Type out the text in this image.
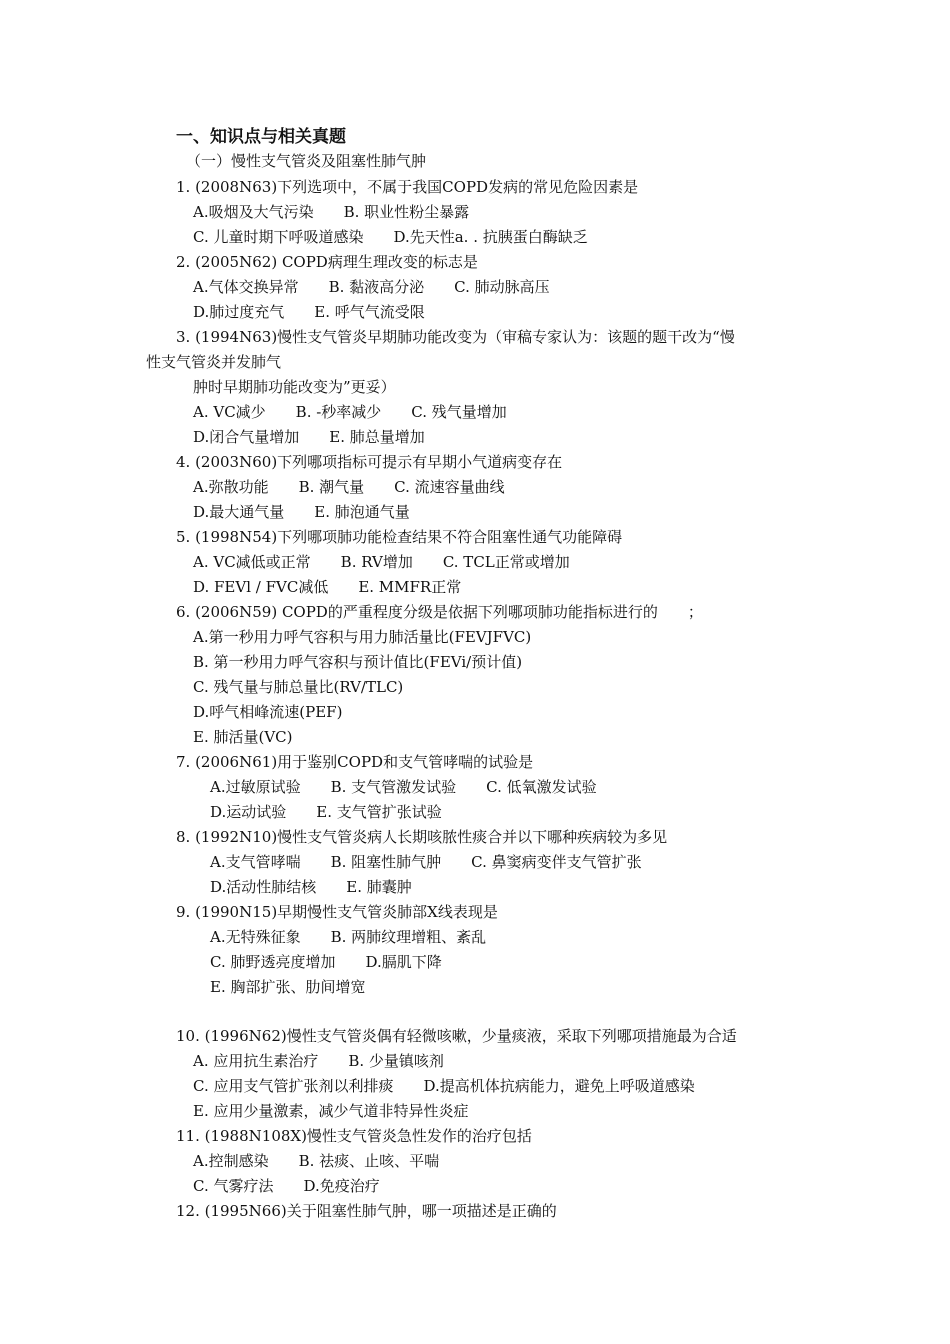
一、知识点与相关真题
（一）慢性支气管炎及阻塞性肺气肿
1. (2008N63)下列选项中，不属于我国COPD发病的常见危险因素是
A.吸烟及大气污染　　B. 职业性粉尘暴露
C. 儿童时期下呼吸道感染　　D.先天性a. . 抗胰蛋白酶缺乏
2. (2005N62) COPD病理生理改变的标志是
A.气体交换异常　　B. 黏液高分泌　　C. 肺动脉高压
D.肺过度充气　　E. 呼气气流受限
3. (1994N63)慢性支气管炎早期肺功能改变为（审稿专家认为：该题的题干改为“慢
性支气管炎并发肺气
肿时早期肺功能改变为”更妥）
A. VC减少　　B. -秒率减少　　C. 残气量增加
D.闭合气量增加　　E. 肺总量增加
4. (2003N60)下列哪项指标可提示有早期小气道病变存在
A.弥散功能　　B. 潮气量　　C. 流速容量曲线
D.最大通气量　　E. 肺泡通气量
5. (1998N54)下列哪项肺功能检查结果不符合阻塞性通气功能障碍
A. VC减低或正常　　B. RV增加　　C. TCL正常或增加
D. FEVl / FVC减低　　E. MMFR正常
6. (2006N59) COPD的严重程度分级是依据下列哪项肺功能指标进行的　　；
A.第一秒用力呼气容积与用力肺活量比(FEVJFVC)
B. 第一秒用力呼气容积与预计值比(FEVi/预计值)
C. 残气量与肺总量比(RV/TLC)
D.呼气相峰流速(PEF)
E. 肺活量(VC)
7. (2006N61)用于鉴别COPD和支气管哮喘的试验是
A.过敏原试验　　B. 支气管激发试验　　C. 低氧激发试验
D.运动试验　　E. 支气管扩张试验
8. (1992N10)慢性支气管炎病人长期咳脓性痰合并以下哪种疾病较为多见
A.支气管哮喘　　B. 阻塞性肺气肿　　C. 鼻窦病变伴支气管扩张
D.活动性肺结核　　E. 肺囊肿
9. (1990N15)早期慢性支气管炎肺部X线表现是
A.无特殊征象　　B. 两肺纹理增粗、紊乱
C. 肺野透亮度增加　　D.膈肌下降
E. 胸部扩张、肋间增宽
10. (1996N62)慢性支气管炎偶有轻微咳嗽，少量痰液，采取下列哪项措施最为合适
A. 应用抗生素治疗　　B. 少量镇咳剂
C. 应用支气管扩张剂以利排痰　　D.提高机体抗病能力，避免上呼吸道感染
E. 应用少量激素，减少气道非特异性炎症
11. (1988N108X)慢性支气管炎急性发作的治疗包括
A.控制感染　　B. 祛痰、止咳、平喘
C. 气雾疗法　　D.免疫治疗
12. (1995N66)关于阻塞性肺气肿，哪一项描述是正确的
